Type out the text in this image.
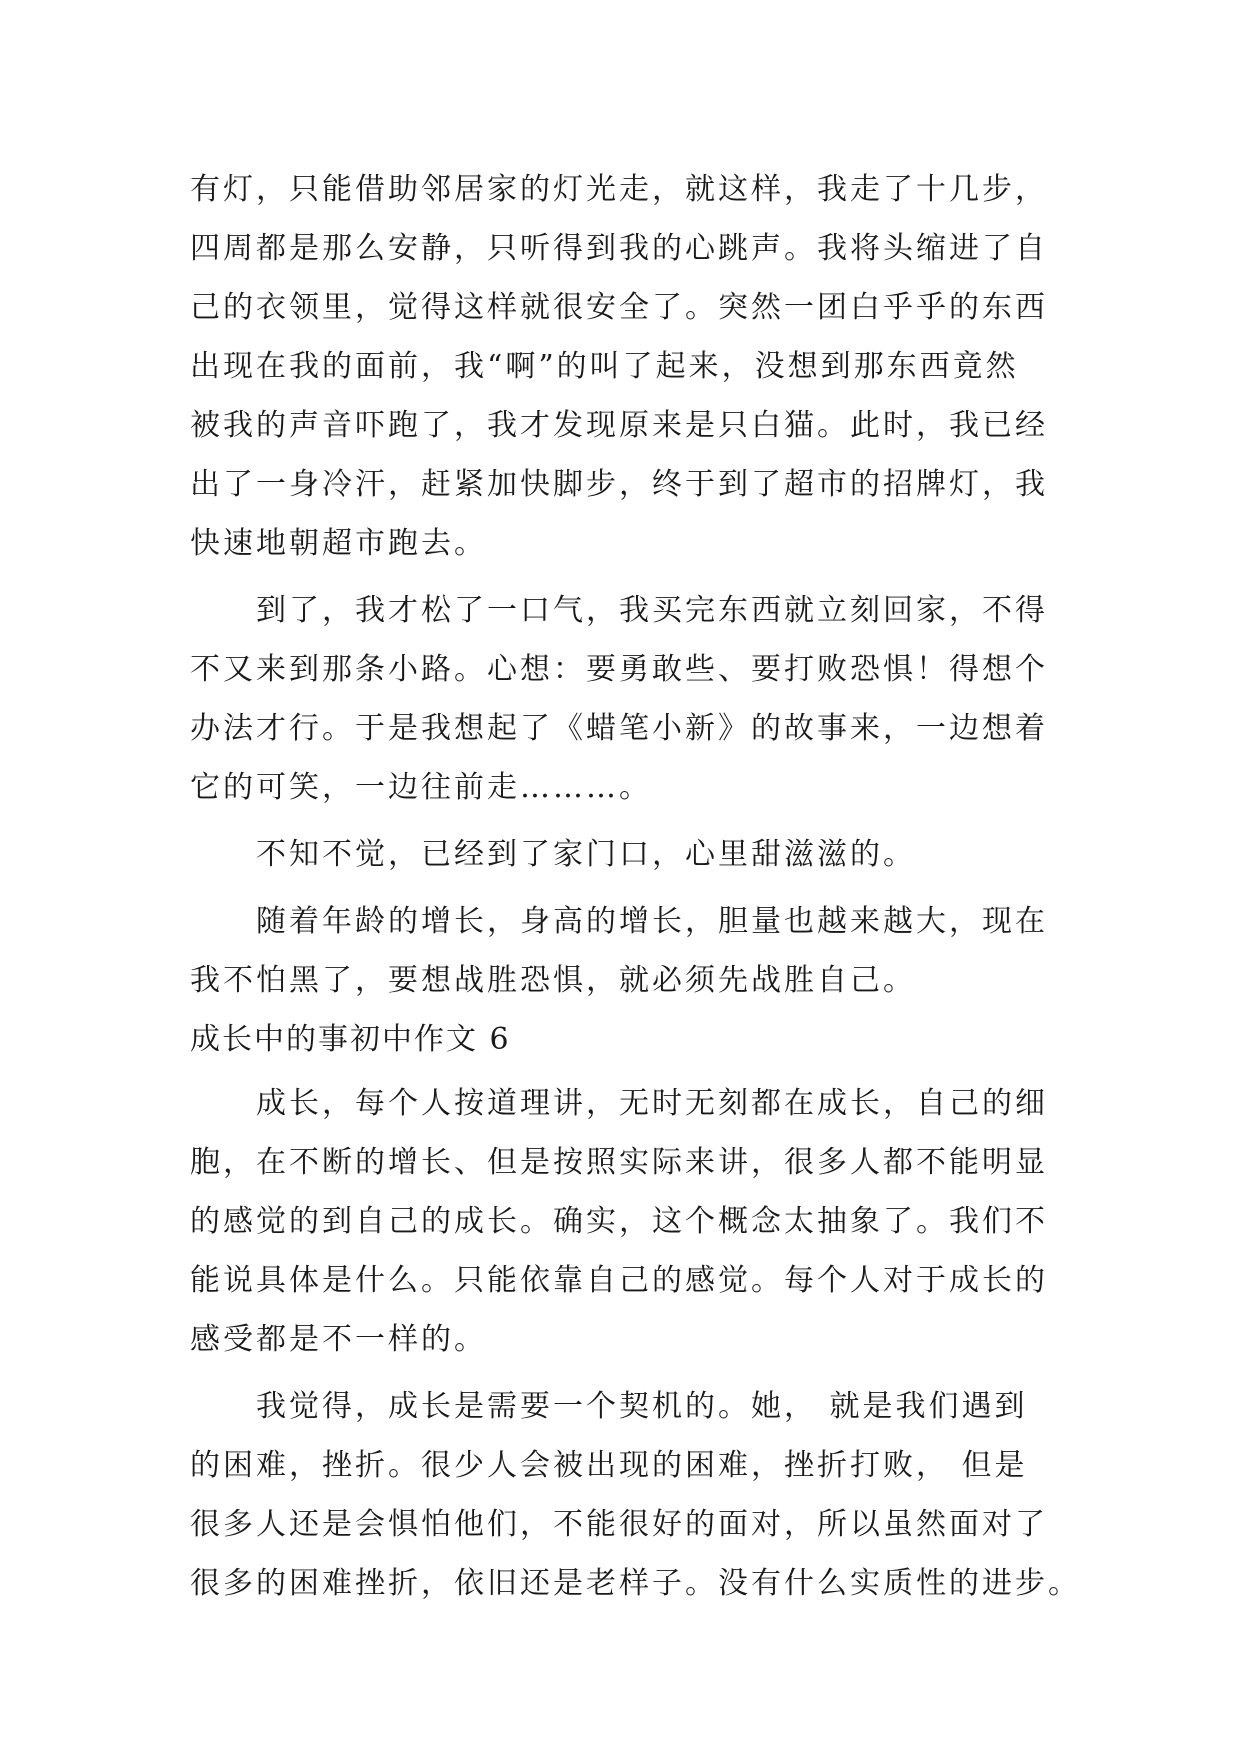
有灯，只能借助邻居家的灯光走，就这样，我走了十几步，
四周都是那么安静，只听得到我的心跳声。我将头缩进了自
己的衣领里，觉得这样就很安全了。突然一团白乎乎的东西
出现在我的面前，我“啊”的叫了起来，没想到那东西竟然
被我的声音吓跑了，我才发现原来是只白猫。此时，我已经
出了一身冷汗，赶紧加快脚步，终于到了超市的招牌灯，我
快速地朝超市跑去。
到了，我才松了一口气，我买完东西就立刻回家，不得
不又来到那条小路。心想：要勇敢些、要打败恐惧！得想个
办法才行。于是我想起了《蜡笔小新》的故事来，一边想着
它的可笑，一边往前走………。
不知不觉，已经到了家门口，心里甜滋滋的。
随着年龄的增长，身高的增长，胆量也越来越大，现在
我不怕黑了，要想战胜恐惧，就必须先战胜自己。
成长中的事初中作文 6
成长，每个人按道理讲，无时无刻都在成长，自己的细
胞，在不断的增长、但是按照实际来讲，很多人都不能明显
的感觉的到自己的成长。确实，这个概念太抽象了。我们不
能说具体是什么。只能依靠自己的感觉。每个人对于成长的
感受都是不一样的。
我觉得，成长是需要一个契机的。她， 就是我们遇到
的困难，挫折。很少人会被出现的困难，挫折打败， 但是
很多人还是会惧怕他们，不能很好的面对，所以虽然面对了
很多的困难挫折，依旧还是老样子。没有什么实质性的进步。
